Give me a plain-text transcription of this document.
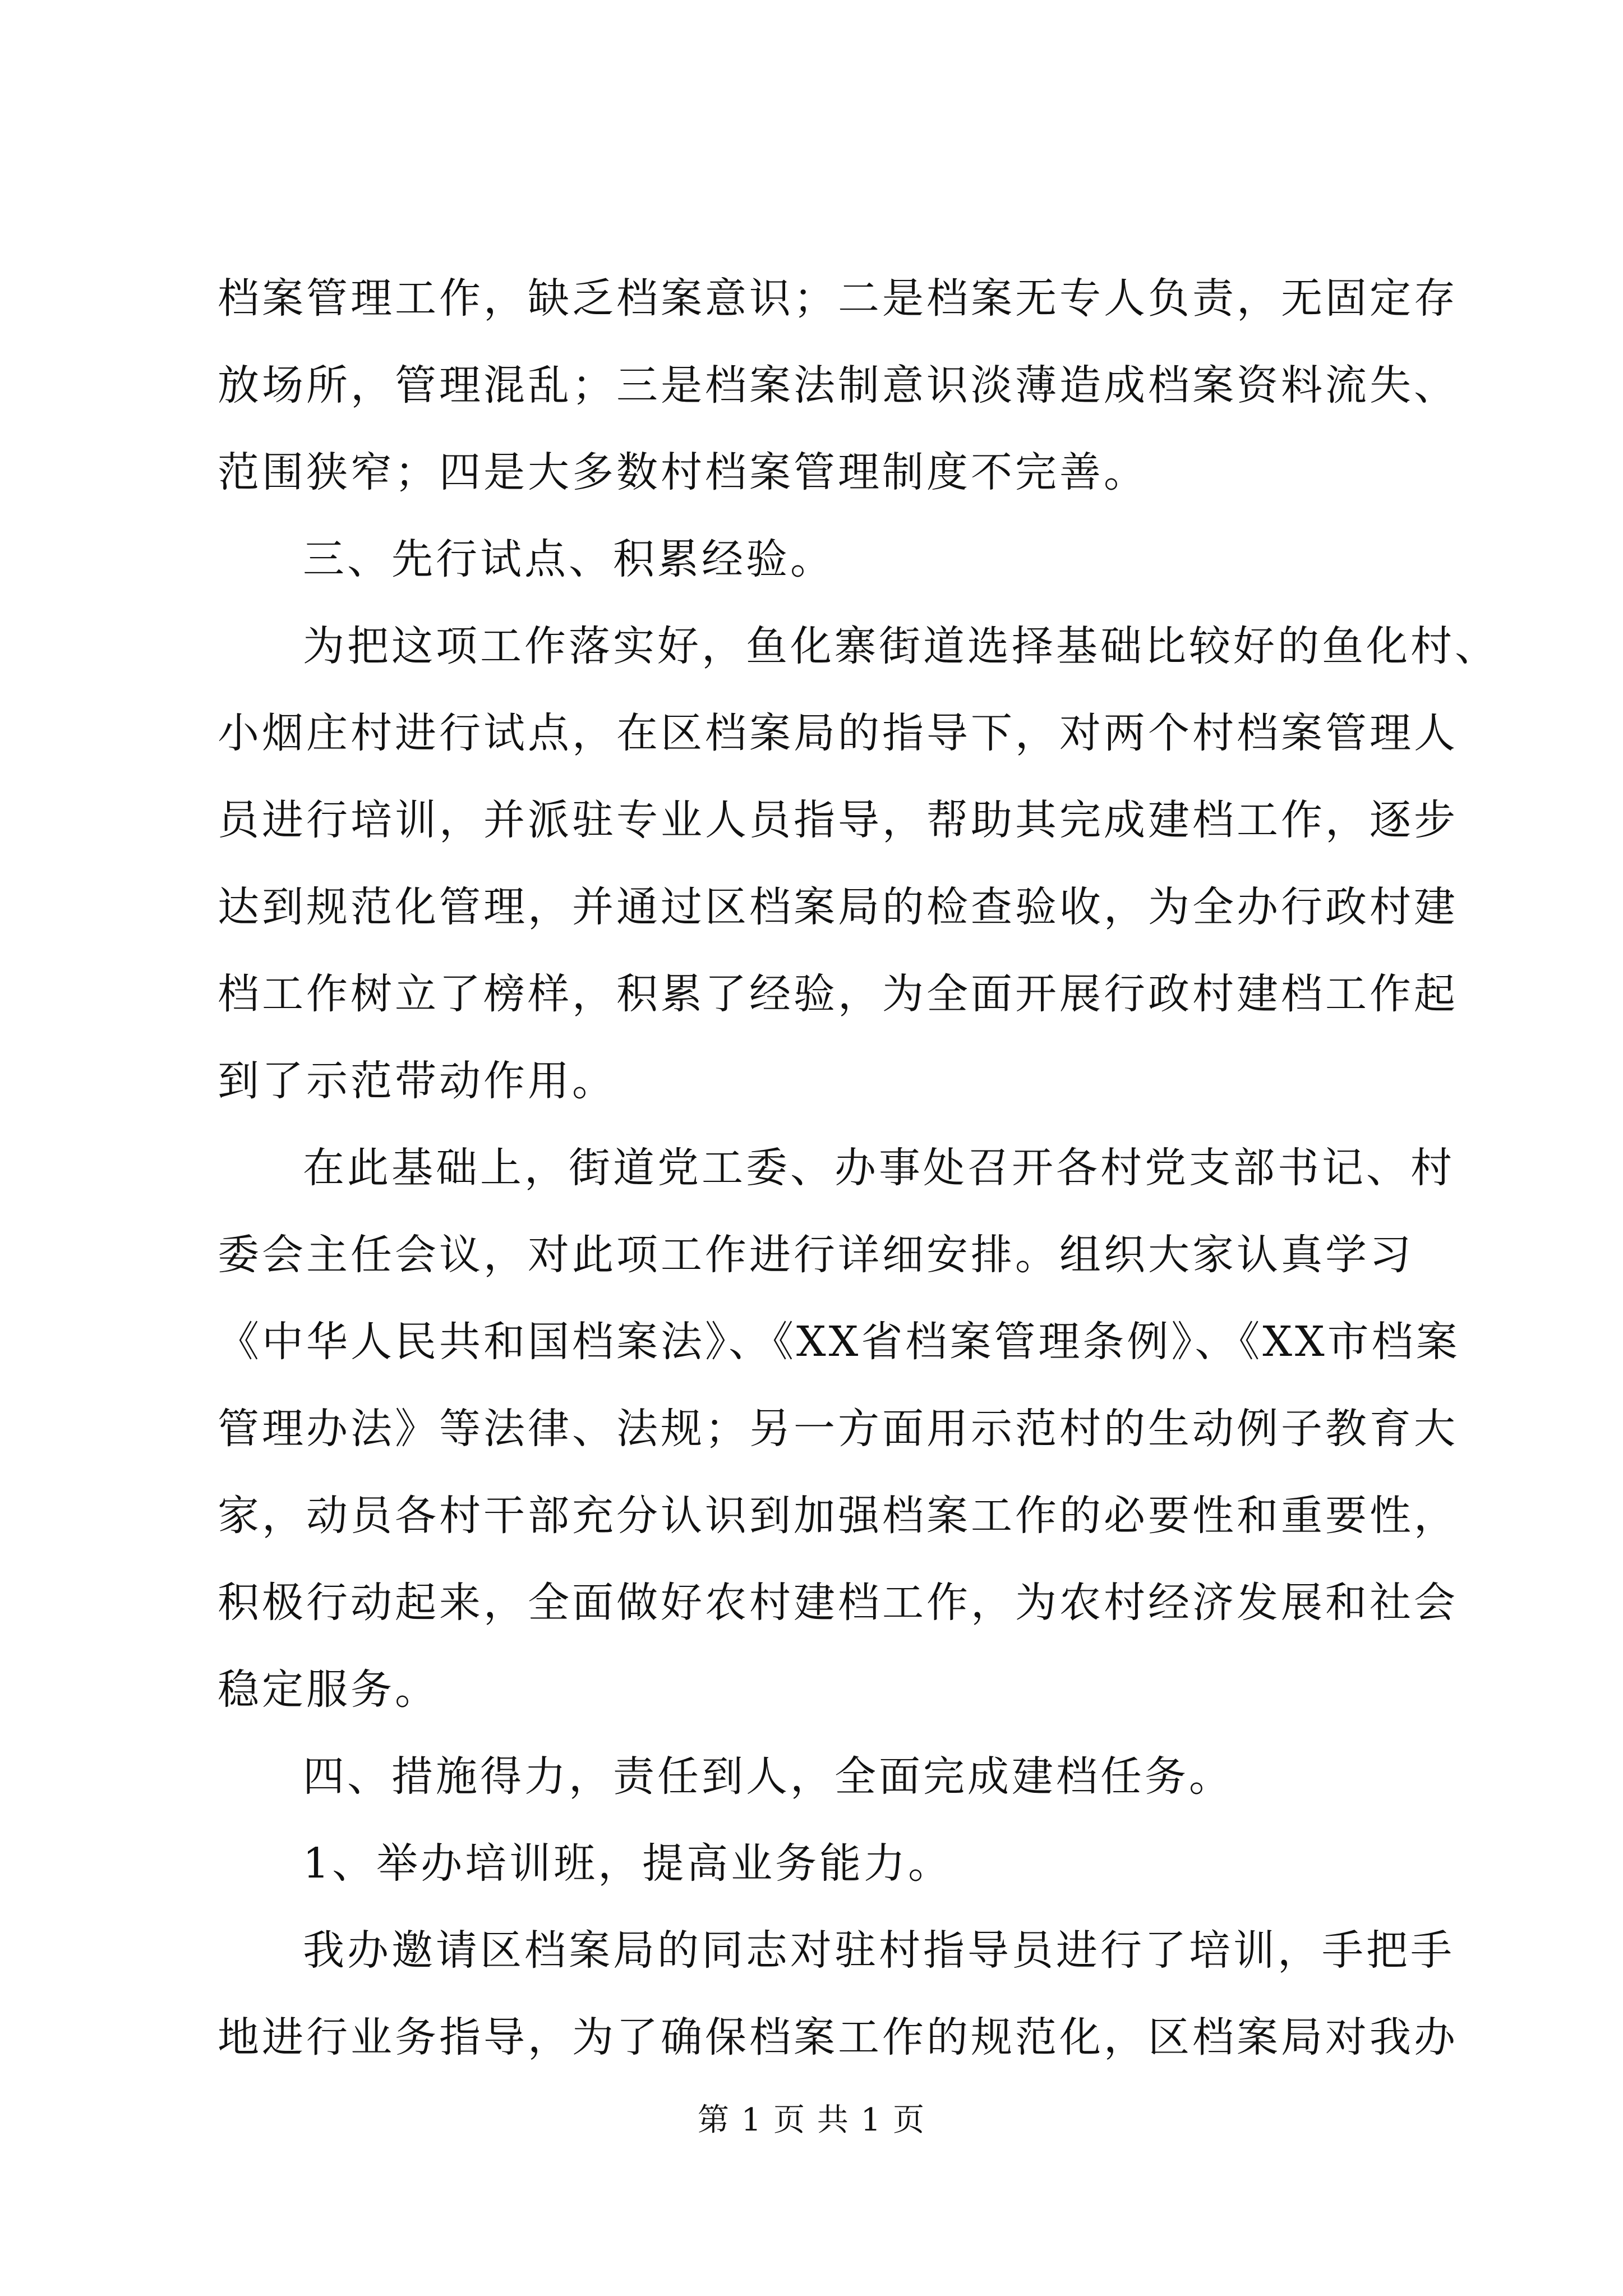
档案管理工作，缺乏档案意识；二是档案无专人负责，无固定存
放场所，管理混乱；三是档案法制意识淡薄造成档案资料流失、
范围狭窄；四是大多数村档案管理制度不完善。
三、先行试点、积累经验。
为把这项工作落实好，鱼化寨街道选择基础比较好的鱼化村、
小烟庄村进行试点，在区档案局的指导下，对两个村档案管理人
员进行培训，并派驻专业人员指导，帮助其完成建档工作，逐步
达到规范化管理，并通过区档案局的检查验收，为全办行政村建
档工作树立了榜样，积累了经验，为全面开展行政村建档工作起
到了示范带动作用。
在此基础上，街道党工委、办事处召开各村党支部书记、村
委会主任会议，对此项工作进行详细安排。组织大家认真学习
《中华人民共和国档案法》、《XX省档案管理条例》、《XX市档案
管理办法》等法律、法规；另一方面用示范村的生动例子教育大
家，动员各村干部充分认识到加强档案工作的必要性和重要性，
积极行动起来，全面做好农村建档工作，为农村经济发展和社会
稳定服务。
四、措施得力，责任到人，全面完成建档任务。
1、举办培训班，提高业务能力。
我办邀请区档案局的同志对驻村指导员进行了培训，手把手
地进行业务指导，为了确保档案工作的规范化，区档案局对我办
第 1 页 共 1 页
